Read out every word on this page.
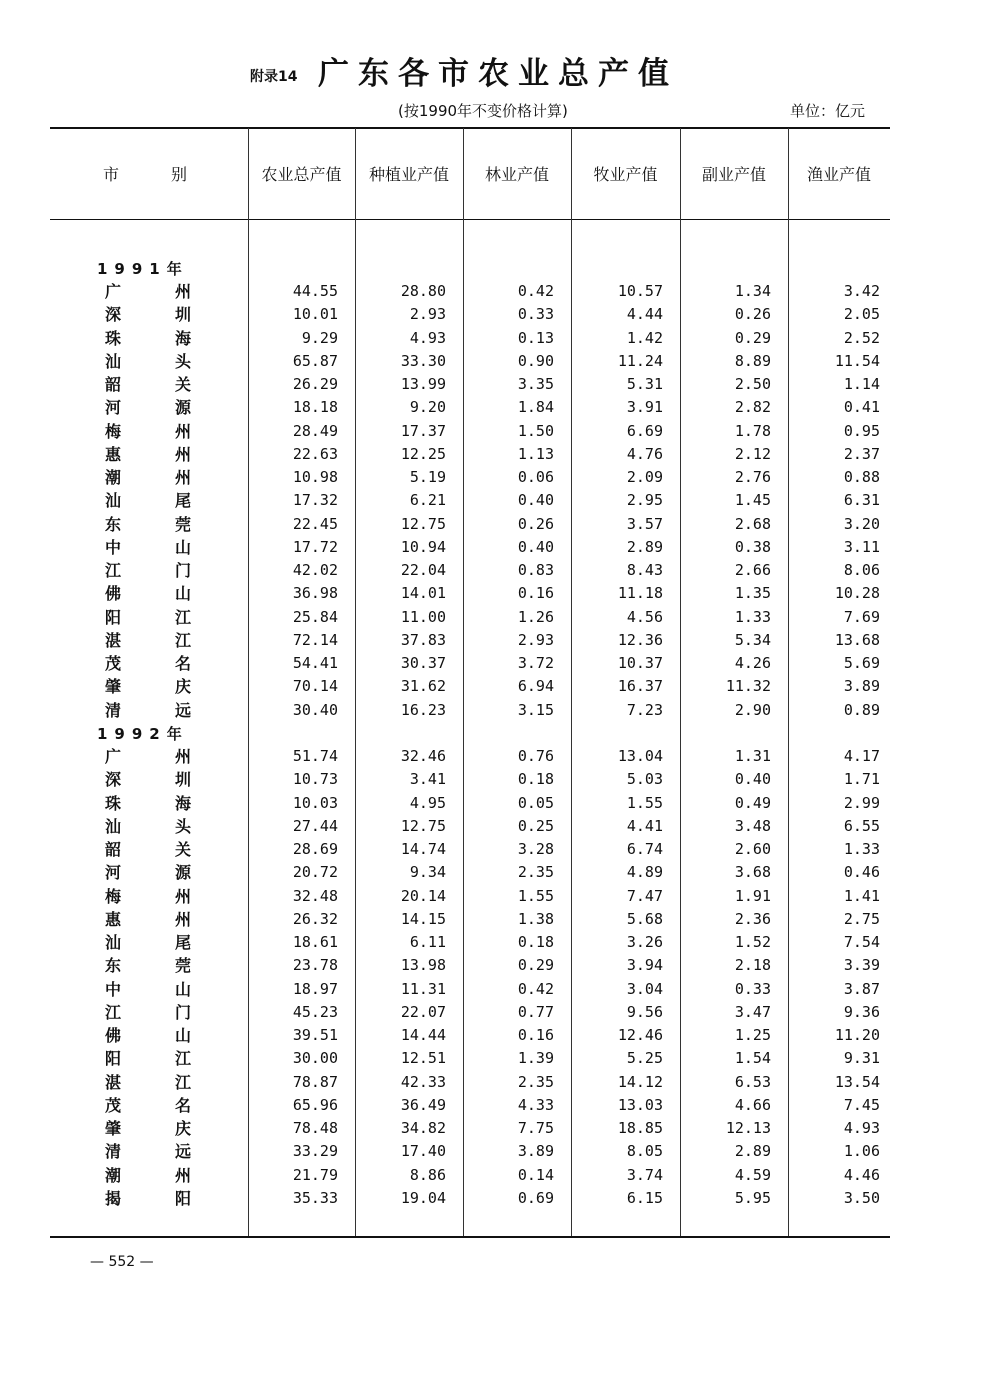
附录14 广东各市农业总产值
(按1990年不变价格计算)	单位：亿元
市	别	农业总产值	种植业产值	林业产值	牧业产值	副业产值	渔业产值
1991年
广	州	44.55	28.80	0.42	10.57	1.34	3.42
深	圳	10.01	2.93	0.33	4.44	0.26	2.05
珠	海	9.29	4.93	0.13	1.42	0.29	2.52
汕	头	65.87	33.30	0.90	11.24	8.89	11.54
韶	关	26.29	13.99	3.35	5.31	2.50	1.14
河	源	18.18	9.20	1.84	3.91	2.82	0.41
梅	州	28.49	17.37	1.50	6.69	1.78	0.95
惠	州	22.63	12.25	1.13	4.76	2.12	2.37
潮	州	10.98	5.19	0.06	2.09	2.76	0.88
汕	尾	17.32	6.21	0.40	2.95	1.45	6.31
东	莞	22.45	12.75	0.26	3.57	2.68	3.20
中	山	17.72	10.94	0.40	2.89	0.38	3.11
江	门	42.02	22.04	0.83	8.43	2.66	8.06
佛	山	36.98	14.01	0.16	11.18	1.35	10.28
阳	江	25.84	11.00	1.26	4.56	1.33	7.69
湛	江	72.14	37.83	2.93	12.36	5.34	13.68
茂	名	54.41	30.37	3.72	10.37	4.26	5.69
肇	庆	70.14	31.62	6.94	16.37	11.32	3.89
清	远	30.40	16.23	3.15	7.23	2.90	0.89
1992年
广	州	51.74	32.46	0.76	13.04	1.31	4.17
深	圳	10.73	3.41	0.18	5.03	0.40	1.71
珠	海	10.03	4.95	0.05	1.55	0.49	2.99
汕	头	27.44	12.75	0.25	4.41	3.48	6.55
韶	关	28.69	14.74	3.28	6.74	2.60	1.33
河	源	20.72	9.34	2.35	4.89	3.68	0.46
梅	州	32.48	20.14	1.55	7.47	1.91	1.41
惠	州	26.32	14.15	1.38	5.68	2.36	2.75
汕	尾	18.61	6.11	0.18	3.26	1.52	7.54
东	莞	23.78	13.98	0.29	3.94	2.18	3.39
中	山	18.97	11.31	0.42	3.04	0.33	3.87
江	门	45.23	22.07	0.77	9.56	3.47	9.36
佛	山	39.51	14.44	0.16	12.46	1.25	11.20
阳	江	30.00	12.51	1.39	5.25	1.54	9.31
湛	江	78.87	42.33	2.35	14.12	6.53	13.54
茂	名	65.96	36.49	4.33	13.03	4.66	7.45
肇	庆	78.48	34.82	7.75	18.85	12.13	4.93
清	远	33.29	17.40	3.89	8.05	2.89	1.06
潮	州	21.79	8.86	0.14	3.74	4.59	4.46
揭	阳	35.33	19.04	0.69	6.15	5.95	3.50
— 552 —
